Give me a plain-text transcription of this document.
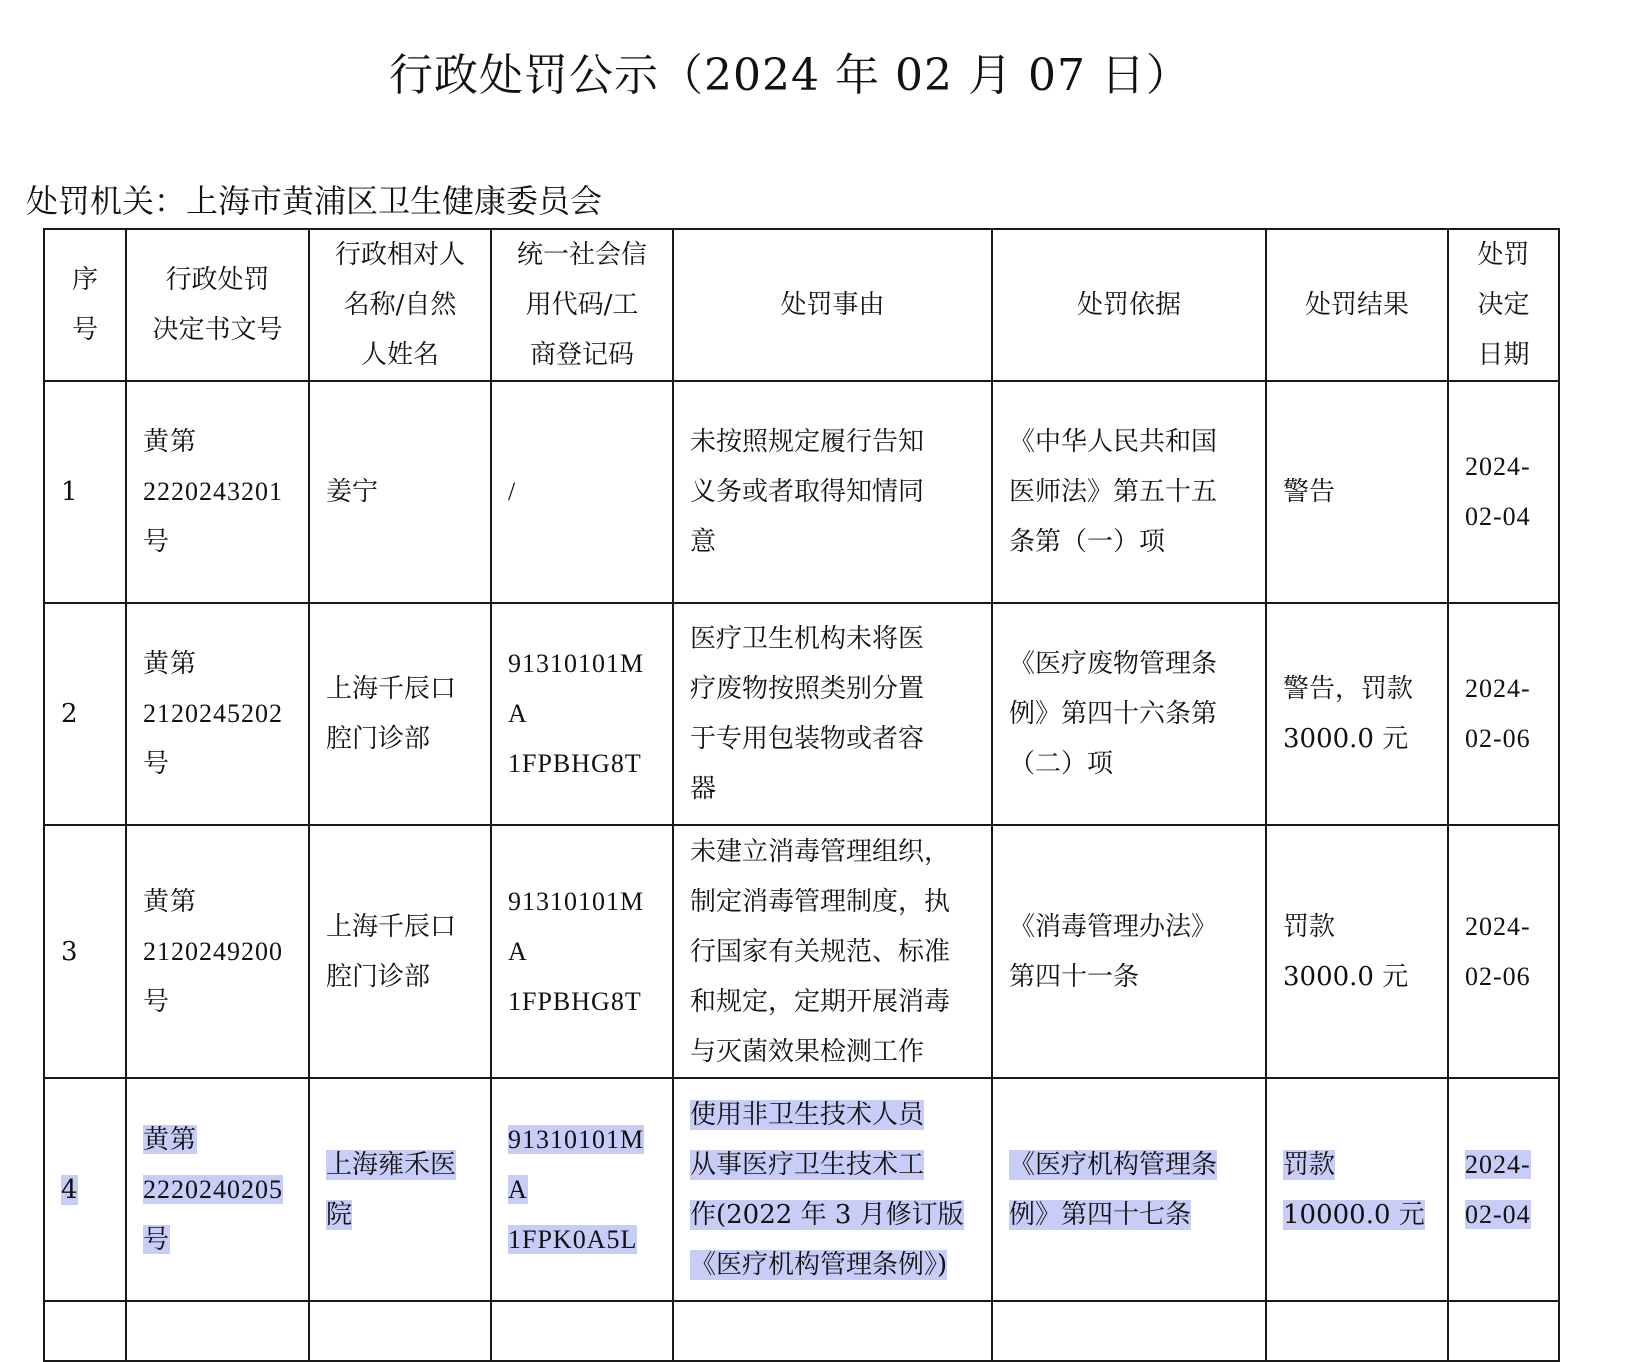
行政处罚公示（2024 年 02 月 07 日）
处罚机关：上海市黄浦区卫生健康委员会
序
号	行政处罚
决定书文号	行政相对人
名称/自然
人姓名	统一社会信
用代码/工
商登记码	处罚事由	处罚依据	处罚结果	处罚
决定
日期

1	黄第
2220243201
号	姜宁	/	未按照规定履行告知
义务或者取得知情同
意	《中华人民共和国
医师法》第五十五
条第（一）项	警告	2024-
02-04

2	黄第
2120245202
号	上海千辰口
腔门诊部	91310101MA
1FPBHG8T	医疗卫生机构未将医
疗废物按照类别分置
于专用包装物或者容
器	《医疗废物管理条
例》第四十六条第
（二）项	警告，罚款
3000.0 元	2024-
02-06

3	黄第
2120249200
号	上海千辰口
腔门诊部	91310101MA
1FPBHG8T	未建立消毒管理组织，
制定消毒管理制度，执
行国家有关规范、标准
和规定，定期开展消毒
与灭菌效果检测工作	《消毒管理办法》
第四十一条	罚款
3000.0 元	2024-
02-06

4	黄第
2220240205
号	上海雍禾医
院	91310101MA
1FPK0A5L	使用非卫生技术人员
从事医疗卫生技术工
作(2022 年 3 月修订版
《医疗机构管理条例》)	《医疗机构管理条
例》第四十七条	罚款
10000.0 元	2024-
02-04
